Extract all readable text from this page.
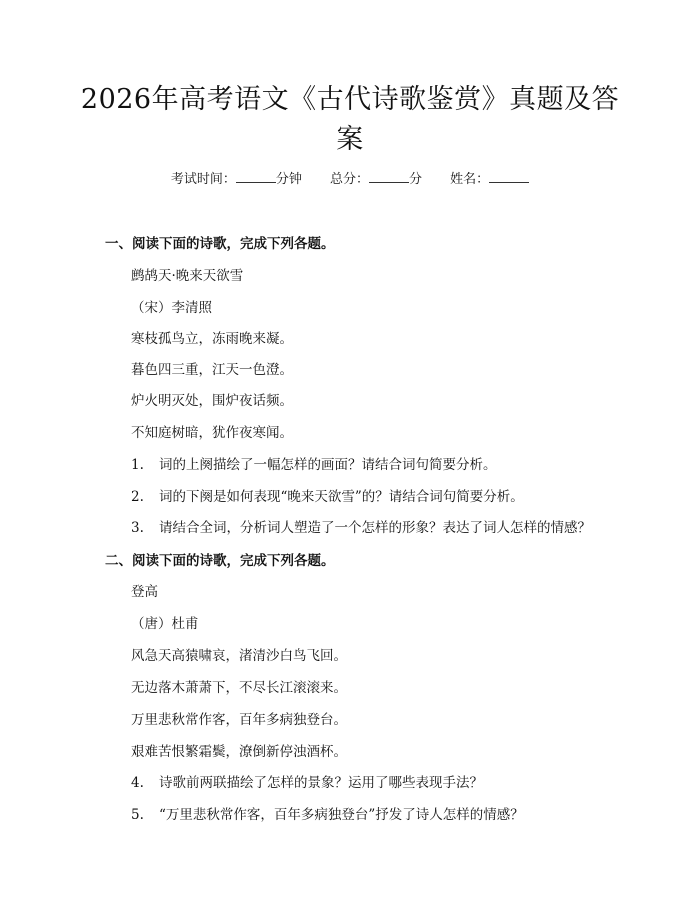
2026年高考语文《古代诗歌鉴赏》真题及答
案
考试时间：	分钟 总分：	分 姓名：
一、阅读下面的诗歌，完成下列各题。
鹧鸪天·晚来天欲雪
（宋）李清照
寒枝孤鸟立，冻雨晚来凝。
暮色四三重，江天一色澄。
炉火明灭处，围炉夜话频。
不知庭树暗，犹作夜寒闻。
1. 词的上阕描绘了一幅怎样的画面？请结合词句简要分析。
2. 词的下阕是如何表现“晚来天欲雪”的？请结合词句简要分析。
3. 请结合全词，分析词人塑造了一个怎样的形象？表达了词人怎样的情感？
二、阅读下面的诗歌，完成下列各题。
登高
（唐）杜甫
风急天高猿啸哀，渚清沙白鸟飞回。
无边落木萧萧下，不尽长江滚滚来。
万里悲秋常作客，百年多病独登台。
艰难苦恨繁霜鬓，潦倒新停浊酒杯。
4. 诗歌前两联描绘了怎样的景象？运用了哪些表现手法？
5. “万里悲秋常作客，百年多病独登台”抒发了诗人怎样的情感？
